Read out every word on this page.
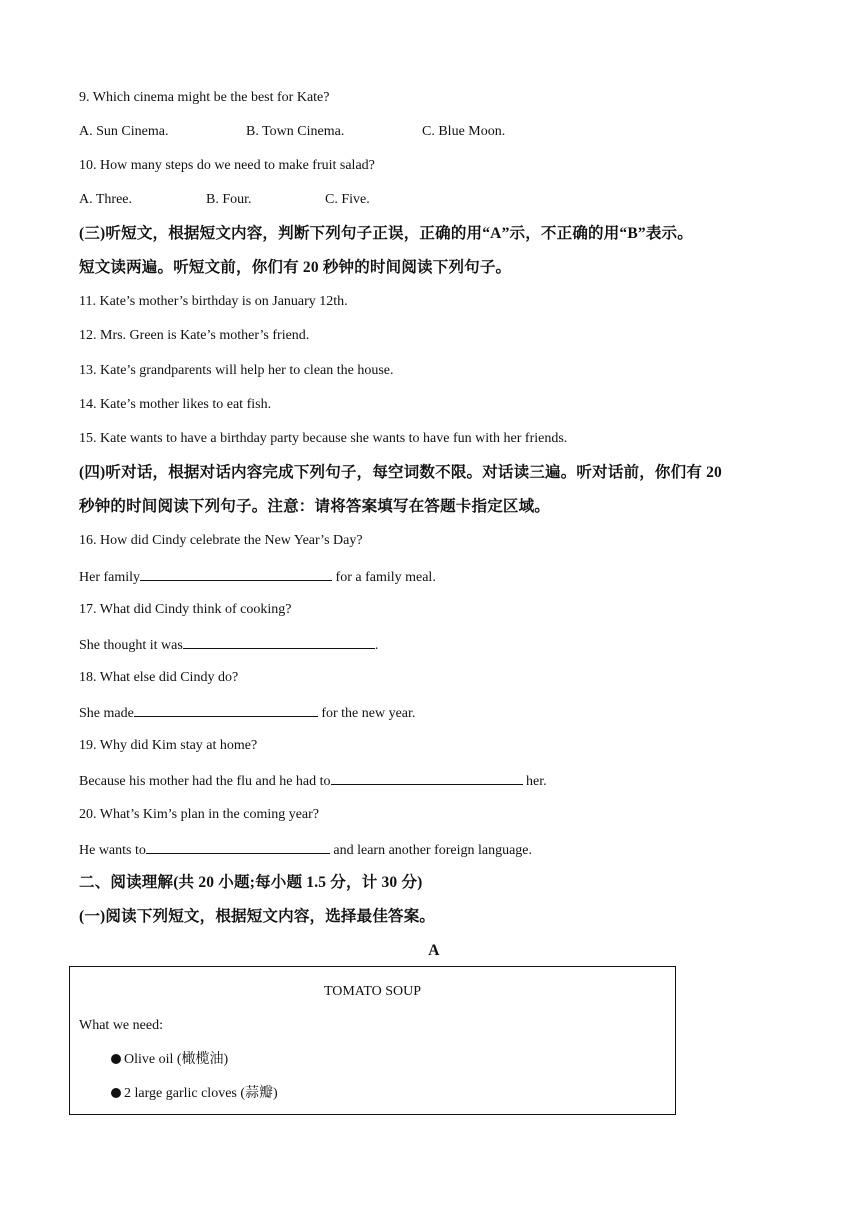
9. Which cinema might be the best for Kate?
A. Sun Cinema.	B. Town Cinema.	C. Blue Moon.
10. How many steps do we need to make fruit salad?
A. Three.	B. Four.	C. Five.
(三)听短文，根据短文内容，判断下列句子正误，正确的用“A”示，不正确的用“B”表示。
短文读两遍。听短文前，你们有 20 秒钟的时间阅读下列句子。
11. Kate’s mother’s birthday is on January 12th.
12. Mrs. Green is Kate’s mother’s friend.
13. Kate’s grandparents will help her to clean the house.
14. Kate’s mother likes to eat fish.
15. Kate wants to have a birthday party because she wants to have fun with her friends.
(四)听对话，根据对话内容完成下列句子，每空词数不限。对话读三遍。听对话前，你们有 20
秒钟的时间阅读下列句子。注意：请将答案填写在答题卡指定区域。
16. How did Cindy celebrate the New Year’s Day?
Her family	for a family meal.
17. What did Cindy think of cooking?
She thought it was	.
18. What else did Cindy do?
She made	for the new year.
19. Why did Kim stay at home?
Because his mother had the flu and he had to	her.
20. What’s Kim’s plan in the coming year?
He wants to	and learn another foreign language.
二、阅读理解(共 20 小题;每小题 1.5 分，计 30 分)
(一)阅读下列短文，根据短文内容，选择最佳答案。
A
TOMATO SOUP
What we need:
Olive oil (橄榄油)
2 large garlic cloves (蒜瓣)
